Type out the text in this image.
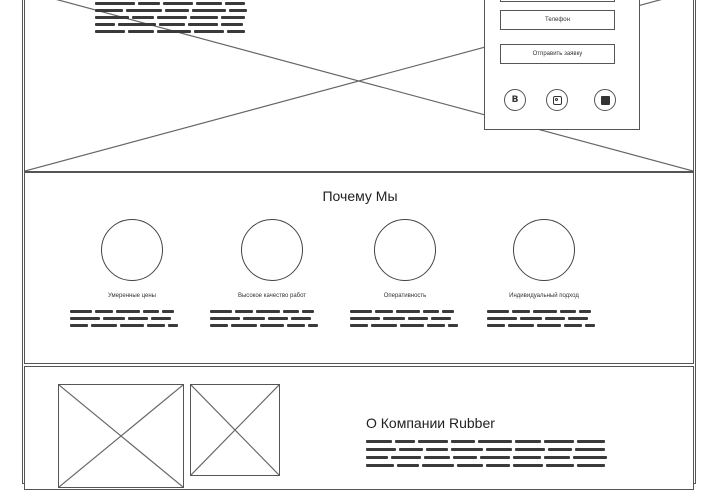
Телефон
Отправить заявку
B
Почему Мы
Умеренные цены	Высокое качество работ	Оперативность	Индивидуальный подход
О Компании Rubber
